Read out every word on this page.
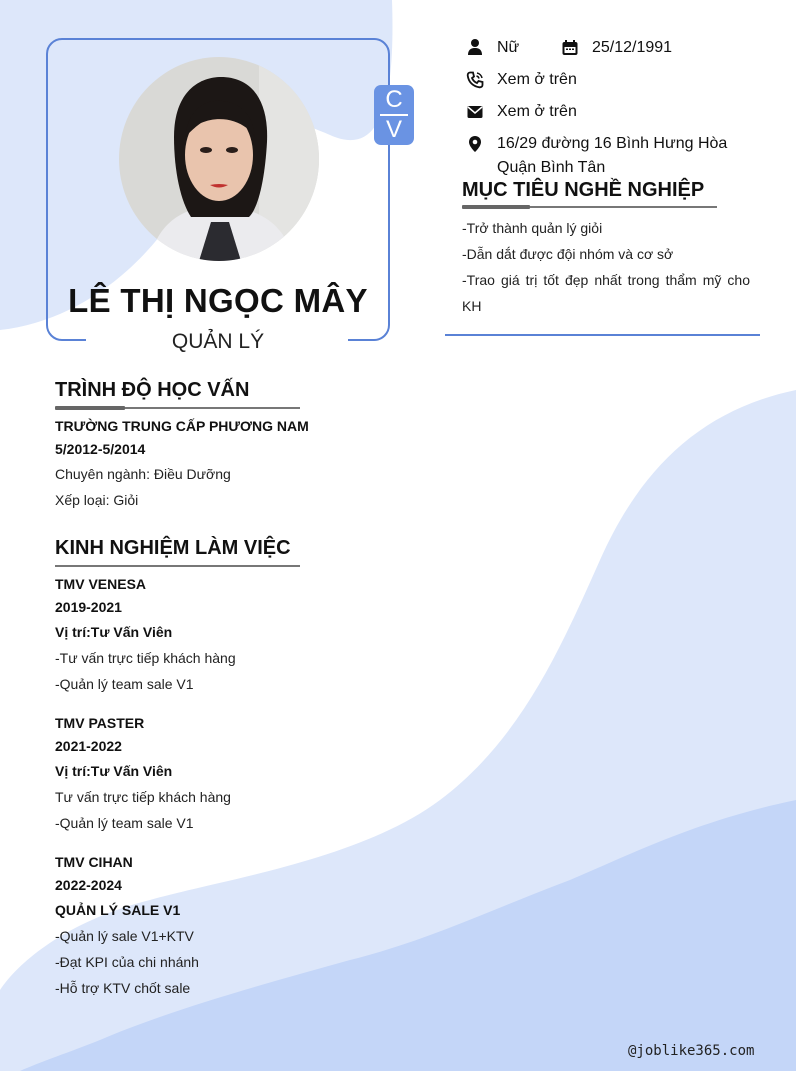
C
V
LÊ THỊ NGỌC MÂY
QUẢN LÝ
Nữ	25/12/1991
Xem ở trên
Xem ở trên
16/29 đường 16 Bình Hưng Hòa
Quận Bình Tân
MỤC TIÊU NGHỀ NGHIỆP
-Trở thành quản lý giỏi
-Dẫn dắt được đội nhóm và cơ sở
-Trao giá trị tốt đẹp nhất trong thẩm mỹ cho KH
TRÌNH ĐỘ HỌC VẤN
TRƯỜNG TRUNG CẤP PHƯƠNG NAM
5/2012-5/2014
Chuyên ngành: Điều Dưỡng
Xếp loại: Giỏi
KINH NGHIỆM LÀM VIỆC
TMV VENESA
2019-2021
Vị trí:Tư Vấn Viên
-Tư vấn trực tiếp khách hàng
-Quản lý team sale V1
TMV PASTER
2021-2022
Vị trí:Tư Vấn Viên
Tư vấn trực tiếp khách hàng
-Quản lý team sale V1
TMV CIHAN
2022-2024
QUẢN LÝ SALE V1
-Quản lý sale V1+KTV
-Đạt KPI của chi nhánh
-Hỗ trợ KTV chốt sale
@joblike365.com
